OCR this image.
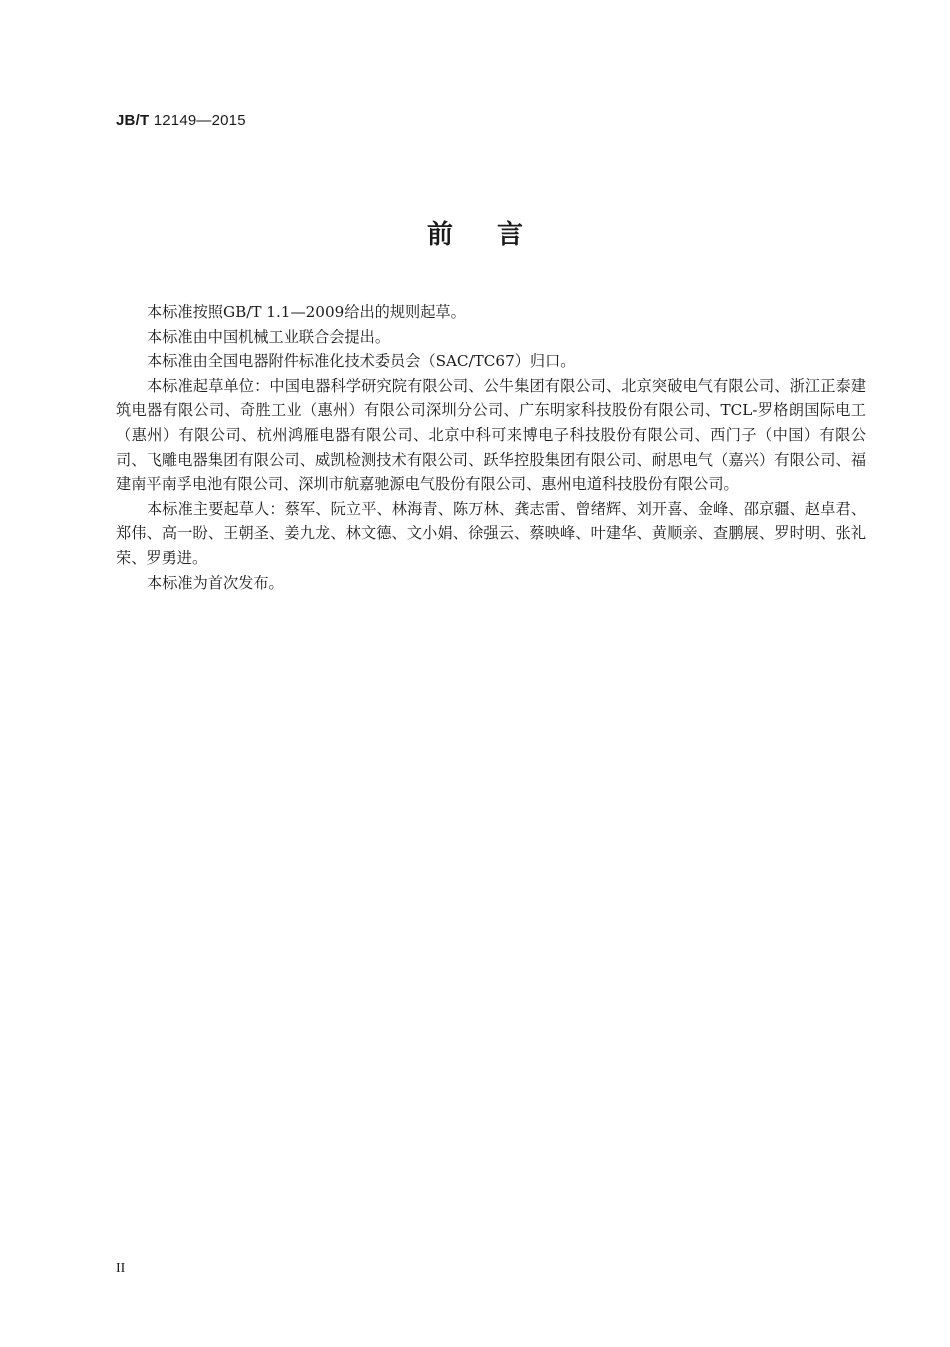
JB/T 12149—2015
前言

本标准按照GB/T 1.1—2009给出的规则起草。

本标准由中国机械工业联合会提出。

本标准由全国电器附件标准化技术委员会（SAC/TC67）归口。

本标准起草单位：中国电器科学研究院有限公司、公牛集团有限公司、北京突破电气有限公司、浙江正泰建筑电器有限公司、奇胜工业（惠州）有限公司深圳分公司、广东明家科技股份有限公司、TCL-罗格朗国际电工（惠州）有限公司、杭州鸿雁电器有限公司、北京中科可来博电子科技股份有限公司、西门子（中国）有限公司、飞雕电器集团有限公司、威凯检测技术有限公司、跃华控股集团有限公司、耐思电气（嘉兴）有限公司、福建南平南孚电池有限公司、深圳市航嘉驰源电气股份有限公司、惠州电道科技股份有限公司。

本标准主要起草人：蔡军、阮立平、林海青、陈万林、龚志雷、曾绪辉、刘开喜、金峰、邵京疆、赵卓君、郑伟、高一盼、王朝圣、姜九龙、林文德、文小娟、徐强云、蔡映峰、叶建华、黄顺亲、查鹏展、罗时明、张礼荣、罗勇进。

本标准为首次发布。

II
